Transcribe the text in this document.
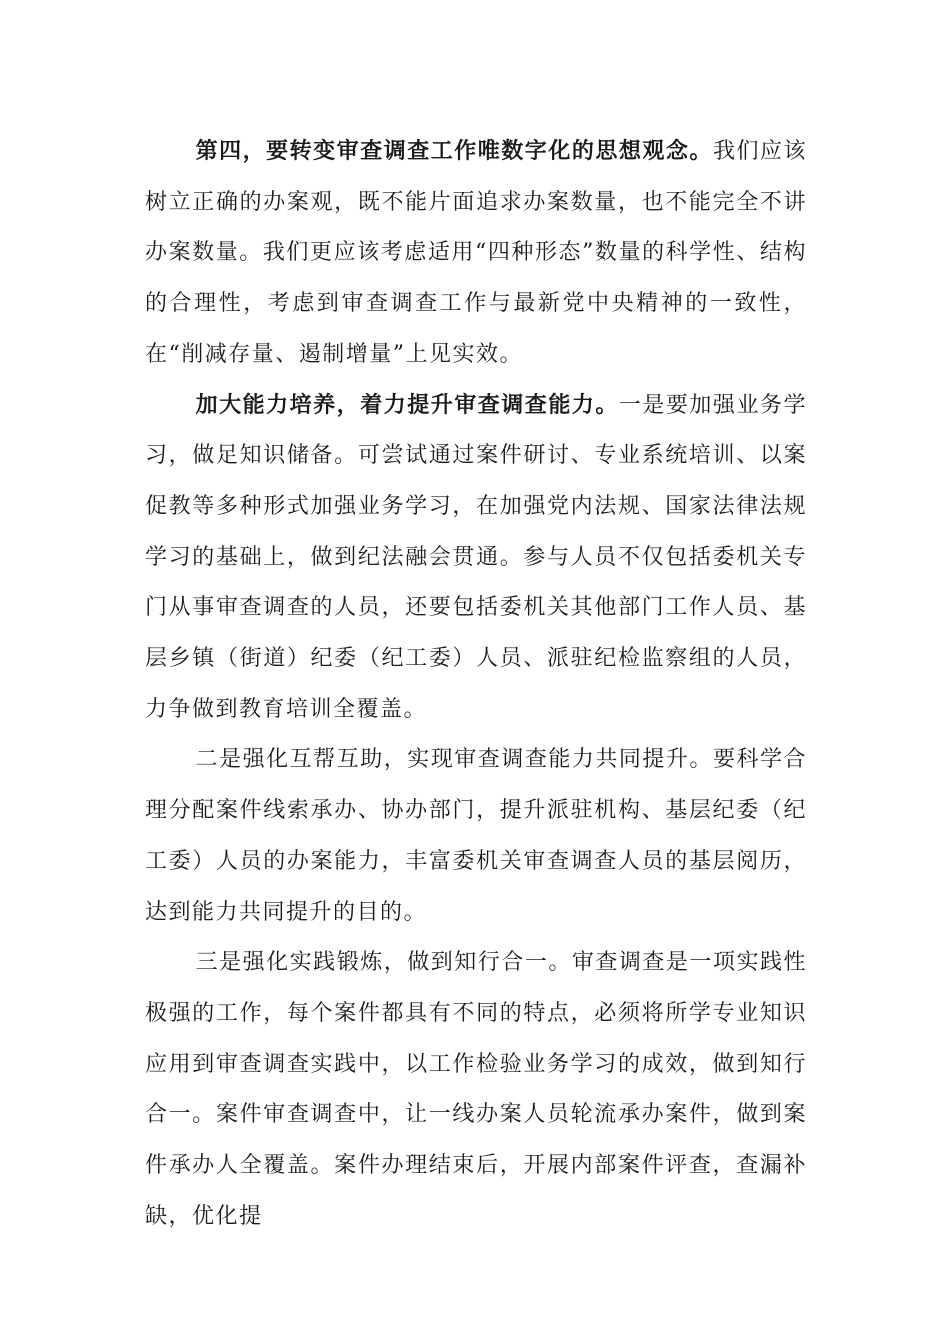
第四，要转变审查调查工作唯数字化的思想观念。我们应该树立正确的办案观，既不能片面追求办案数量，也不能完全不讲办案数量。我们更应该考虑适用“四种形态”数量的科学性、结构的合理性，考虑到审查调查工作与最新党中央精神的一致性，在“削减存量、遏制增量”上见实效。

加大能力培养，着力提升审查调查能力。一是要加强业务学习，做足知识储备。可尝试通过案件研讨、专业系统培训、以案促教等多种形式加强业务学习，在加强党内法规、国家法律法规学习的基础上，做到纪法融会贯通。参与人员不仅包括委机关专门从事审查调查的人员，还要包括委机关其他部门工作人员、基层乡镇（街道）纪委（纪工委）人员、派驻纪检监察组的人员，力争做到教育培训全覆盖。

二是强化互帮互助，实现审查调查能力共同提升。要科学合理分配案件线索承办、协办部门，提升派驻机构、基层纪委（纪工委）人员的办案能力，丰富委机关审查调查人员的基层阅历，达到能力共同提升的目的。

三是强化实践锻炼，做到知行合一。审查调查是一项实践性极强的工作，每个案件都具有不同的特点，必须将所学专业知识应用到审查调查实践中，以工作检验业务学习的成效，做到知行合一。案件审查调查中，让一线办案人员轮流承办案件，做到案件承办人全覆盖。案件办理结束后，开展内部案件评查，查漏补缺，优化提
